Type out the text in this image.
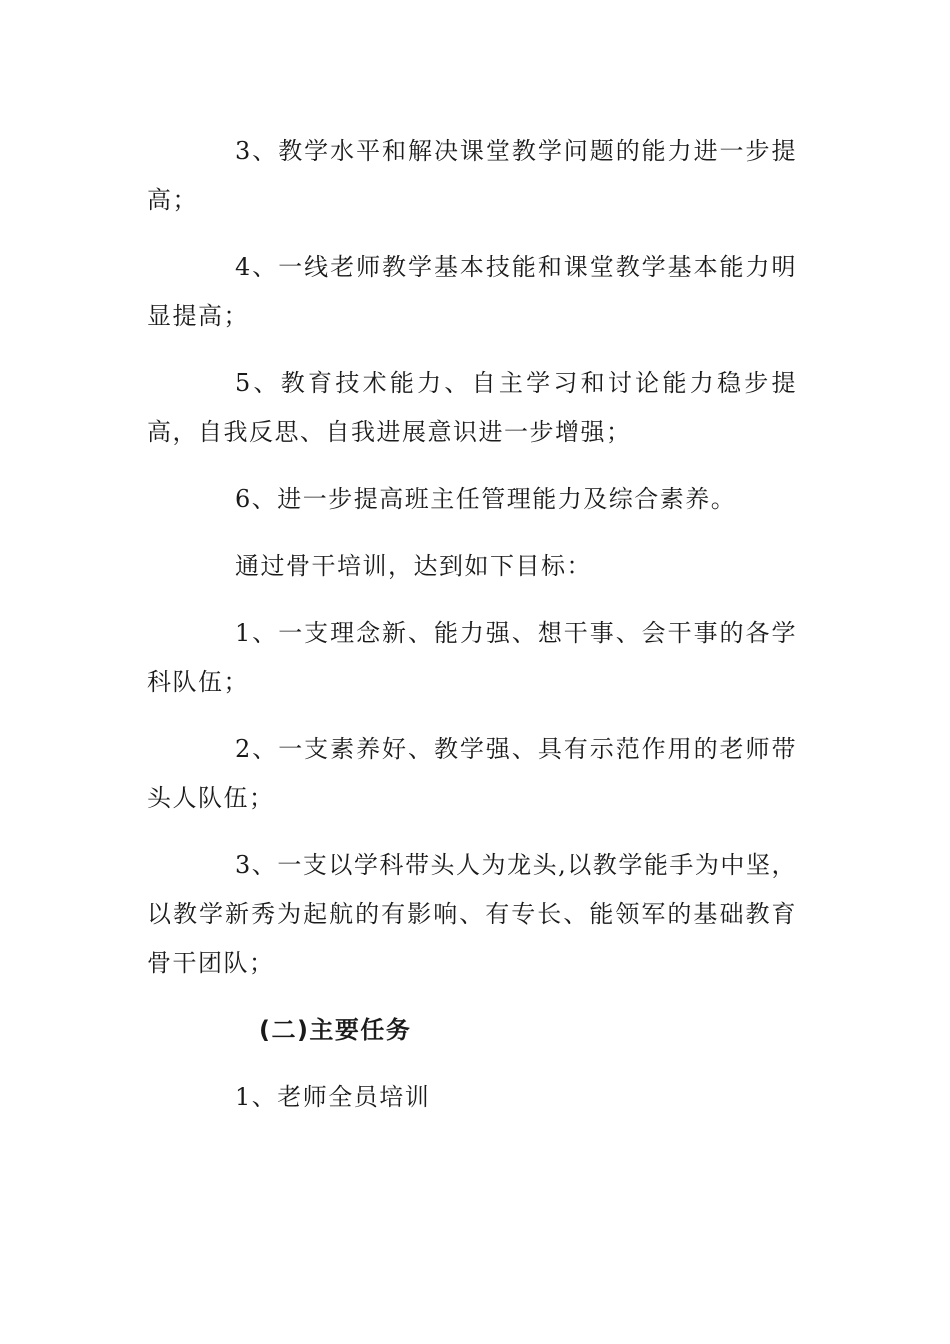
3、教学水平和解决课堂教学问题的能力进一步提高；

4、一线老师教学基本技能和课堂教学基本能力明显提高；

5、教育技术能力、自主学习和讨论能力稳步提高，自我反思、自我进展意识进一步增强；

6、进一步提高班主任管理能力及综合素养。

通过骨干培训，达到如下目标：

1、一支理念新、能力强、想干事、会干事的各学科队伍；

2、一支素养好、教学强、具有示范作用的老师带头人队伍；

3、一支以学科带头人为龙头,以教学能手为中坚，以教学新秀为起航的有影响、有专长、能领军的基础教育骨干团队；

(二)主要任务

1、老师全员培训
